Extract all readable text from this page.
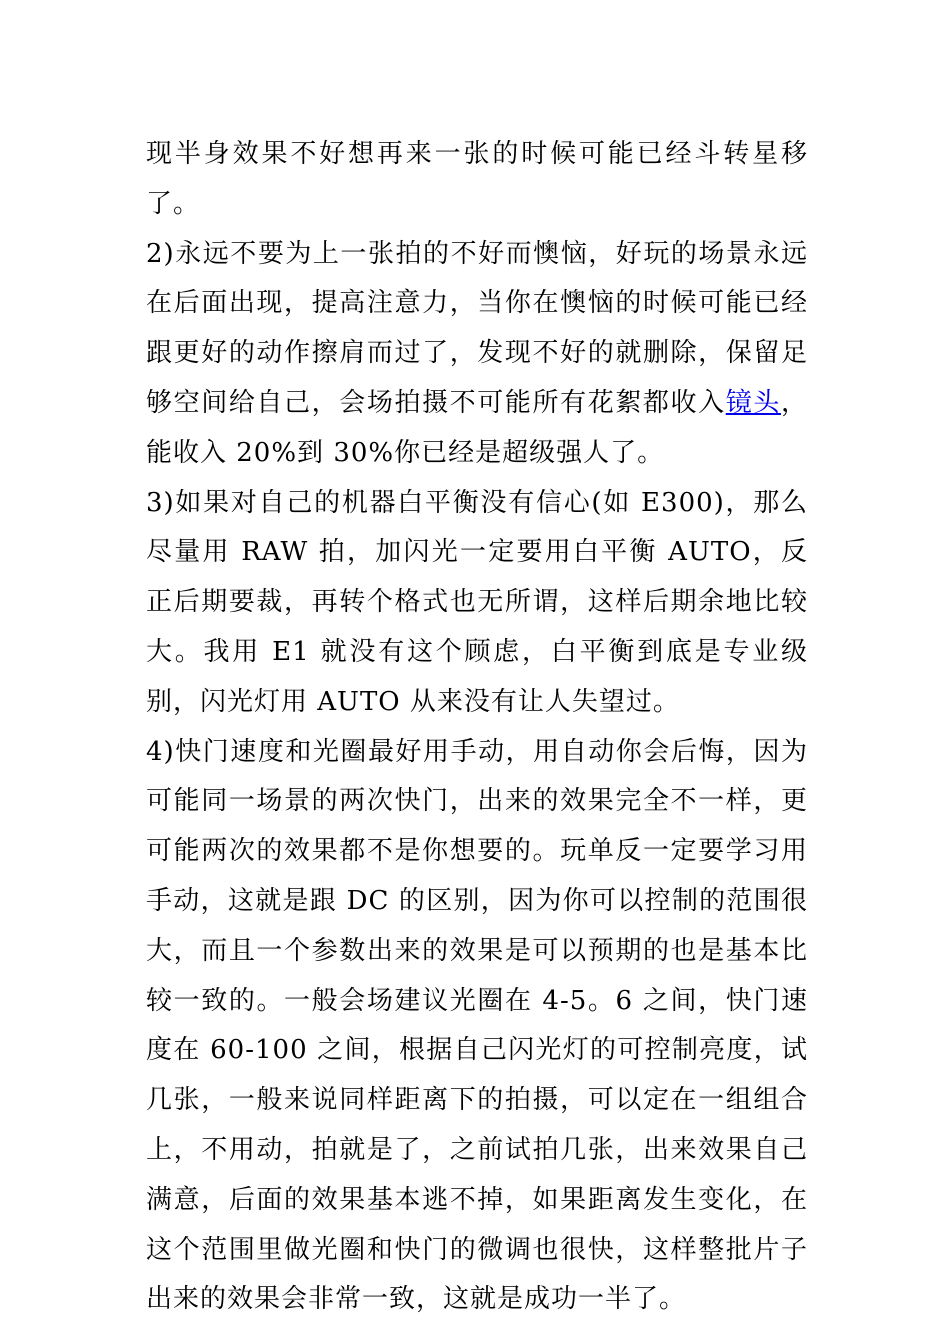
现半身效果不好想再来一张的时候可能已经斗转星移了。

2)永远不要为上一张拍的不好而懊恼，好玩的场景永远在后面出现，提高注意力，当你在懊恼的时候可能已经跟更好的动作擦肩而过了，发现不好的就删除，保留足够空间给自己，会场拍摄不可能所有花絮都收入镜头，能收入 20%到 30%你已经是超级强人了。

3)如果对自己的机器白平衡没有信心(如 E300)，那么尽量用 RAW 拍，加闪光一定要用白平衡 AUTO，反正后期要裁，再转个格式也无所谓，这样后期余地比较大。我用 E1 就没有这个顾虑，白平衡到底是专业级别，闪光灯用 AUTO 从来没有让人失望过。

4)快门速度和光圈最好用手动，用自动你会后悔，因为可能同一场景的两次快门，出来的效果完全不一样，更可能两次的效果都不是你想要的。玩单反一定要学习用手动，这就是跟 DC 的区别，因为你可以控制的范围很大，而且一个参数出来的效果是可以预期的也是基本比较一致的。一般会场建议光圈在 4-5。6 之间，快门速度在 60-100 之间，根据自己闪光灯的可控制亮度，试几张，一般来说同样距离下的拍摄，可以定在一组组合上，不用动，拍就是了，之前试拍几张，出来效果自己满意，后面的效果基本逃不掉，如果距离发生变化，在这个范围里做光圈和快门的微调也很快，这样整批片子出来的效果会非常一致，这就是成功一半了。
